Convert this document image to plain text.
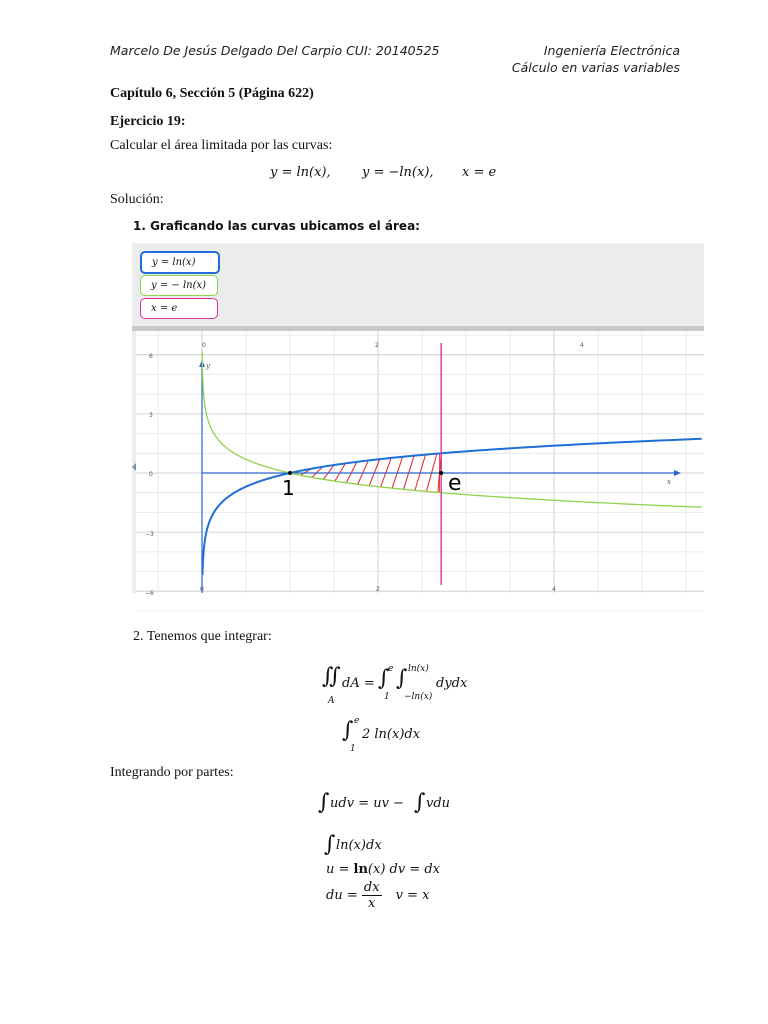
Marcelo De Jesús Delgado Del Carpio CUI: 20140525	Ingeniería Electrónica
Cálculo en varias variables
Capítulo 6, Sección 5 (Página 622)
Ejercicio 19:
Calcular el área limitada por las curvas:
y = ln(x), y = −ln(x), x = e
Solución:
1. Graficando las curvas ubicamos el área:
y = ln(x)
y = − ln(x)
x = e
0	2	4
0	2	4
6
3
0
−3
−6
x
y
1	e
2. Tenemos que integrar:
∬
A
dA = ∫
e
1
∫ ln(x)
−ln(x)
dydx
∫ e
1
2 ln(x)dx
Integrando por partes:
∫ udv = uv − ∫ vdu
∫ ln(x)dx
u = ln(x) dv = dx
du = $\frac{dx}{x}$ v = x
